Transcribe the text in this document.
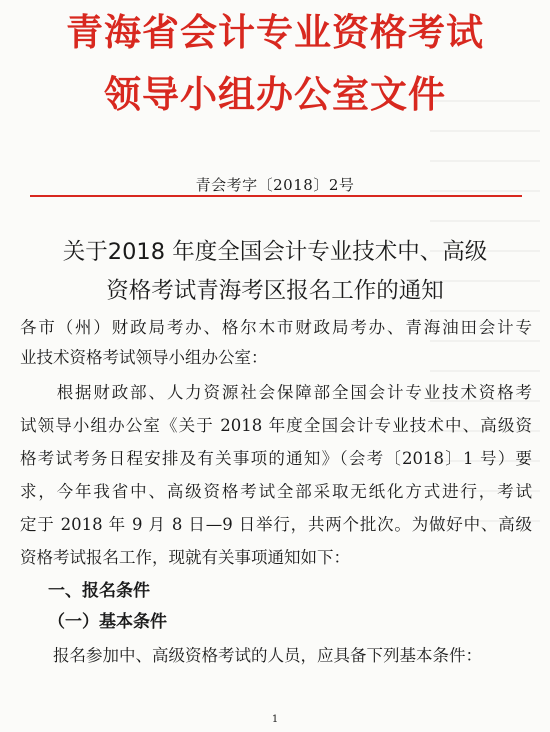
青海省会计专业资格考试
领导小组办公室文件
青会考字〔2018〕2号
关于2018 年度全国会计专业技术中、高级
资格考试青海考区报名工作的通知
各市（州）财政局考办、格尔木市财政局考办、青海油田会计专
业技术资格考试领导小组办公室：
　　根据财政部、人力资源社会保障部全国会计专业技术资格考
试领导小组办公室《关于 2018 年度全国会计专业技术中、高级资
格考试考务日程安排及有关事项的通知》（会考〔2018〕1 号）要
求，今年我省中、高级资格考试全部采取无纸化方式进行，考试
定于 2018 年 9 月 8 日—9 日举行，共两个批次。为做好中、高级
资格考试报名工作，现就有关事项通知如下：
一、报名条件
（一）基本条件
　　报名参加中、高级资格考试的人员，应具备下列基本条件：
1
